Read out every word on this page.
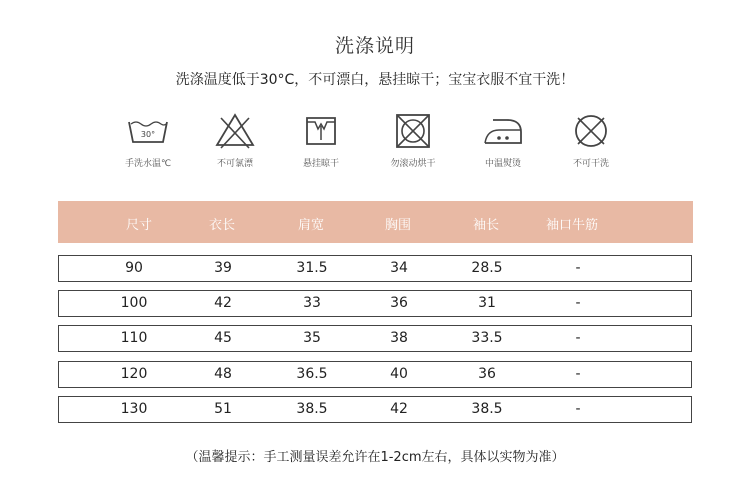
洗涤说明
洗涤温度低于30°C，不可漂白，悬挂晾干；宝宝衣服不宜干洗！
30°
手洗水温℃	不可氯漂	悬挂晾干	勿滚动烘干	中温熨烫	不可干洗
尺寸	衣长	肩宽	胸围	袖长	袖口牛筋
90	39	31.5	34	28.5	-
100	42	33	36	31	-
110	45	35	38	33.5	-
120	48	36.5	40	36	-
130	51	38.5	42	38.5	-
（温馨提示：手工测量误差允许在1-2cm左右，具体以实物为准）
